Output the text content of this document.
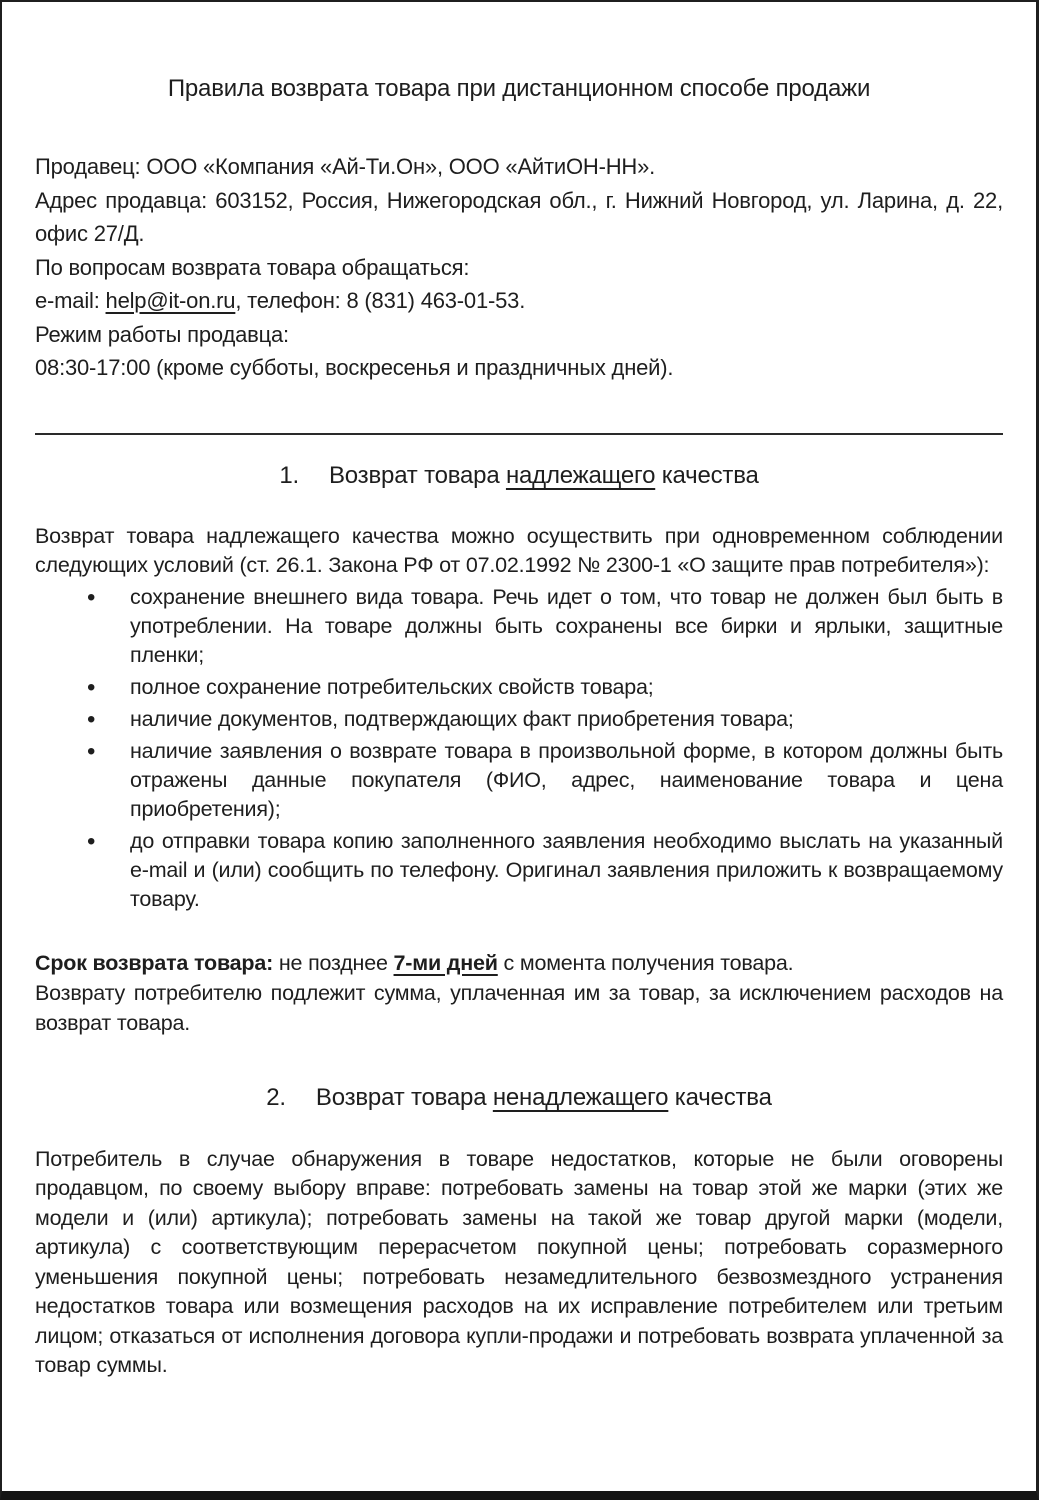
Правила возврата товара при дистанционном способе продажи

Продавец: ООО «Компания «Ай-Ти.Он», ООО «АйтиОН-НН».

Адрес продавца: 603152, Россия, Нижегородская обл., г. Нижний Новгород, ул. Ларина, д. 22, офис 27/Д.

По вопросам возврата товара обращаться:

e-mail: help@it-on.ru, телефон: 8 (831) 463-01-53.

Режим работы продавца:

08:30-17:00 (кроме субботы, воскресенья и праздничных дней).

1. Возврат товара надлежащего качества

Возврат товара надлежащего качества можно осуществить при одновременном соблюдении следующих условий (ст. 26.1. Закона РФ от 07.02.1992 № 2300-1 «О защите прав потребителя»):

• сохранение внешнего вида товара. Речь идет о том, что товар не должен был быть в употреблении. На товаре должны быть сохранены все бирки и ярлыки, защитные пленки;
• полное сохранение потребительских свойств товара;
• наличие документов, подтверждающих факт приобретения товара;
• наличие заявления о возврате товара в произвольной форме, в котором должны быть отражены данные покупателя (ФИО, адрес, наименование товара и цена приобретения);
• до отправки товара копию заполненного заявления необходимо выслать на указанный e-mail и (или) сообщить по телефону. Оригинал заявления приложить к возвращаемому товару.

Срок возврата товара: не позднее 7-ми дней с момента получения товара.

Возврату потребителю подлежит сумма, уплаченная им за товар, за исключением расходов на возврат товара.

2. Возврат товара ненадлежащего качества

Потребитель в случае обнаружения в товаре недостатков, которые не были оговорены продавцом, по своему выбору вправе: потребовать замены на товар этой же марки (этих же модели и (или) артикула); потребовать замены на такой же товар другой марки (модели, артикула) с соответствующим перерасчетом покупной цены; потребовать соразмерного уменьшения покупной цены; потребовать незамедлительного безвозмездного устранения недостатков товара или возмещения расходов на их исправление потребителем или третьим лицом; отказаться от исполнения договора купли-продажи и потребовать возврата уплаченной за товар суммы.
